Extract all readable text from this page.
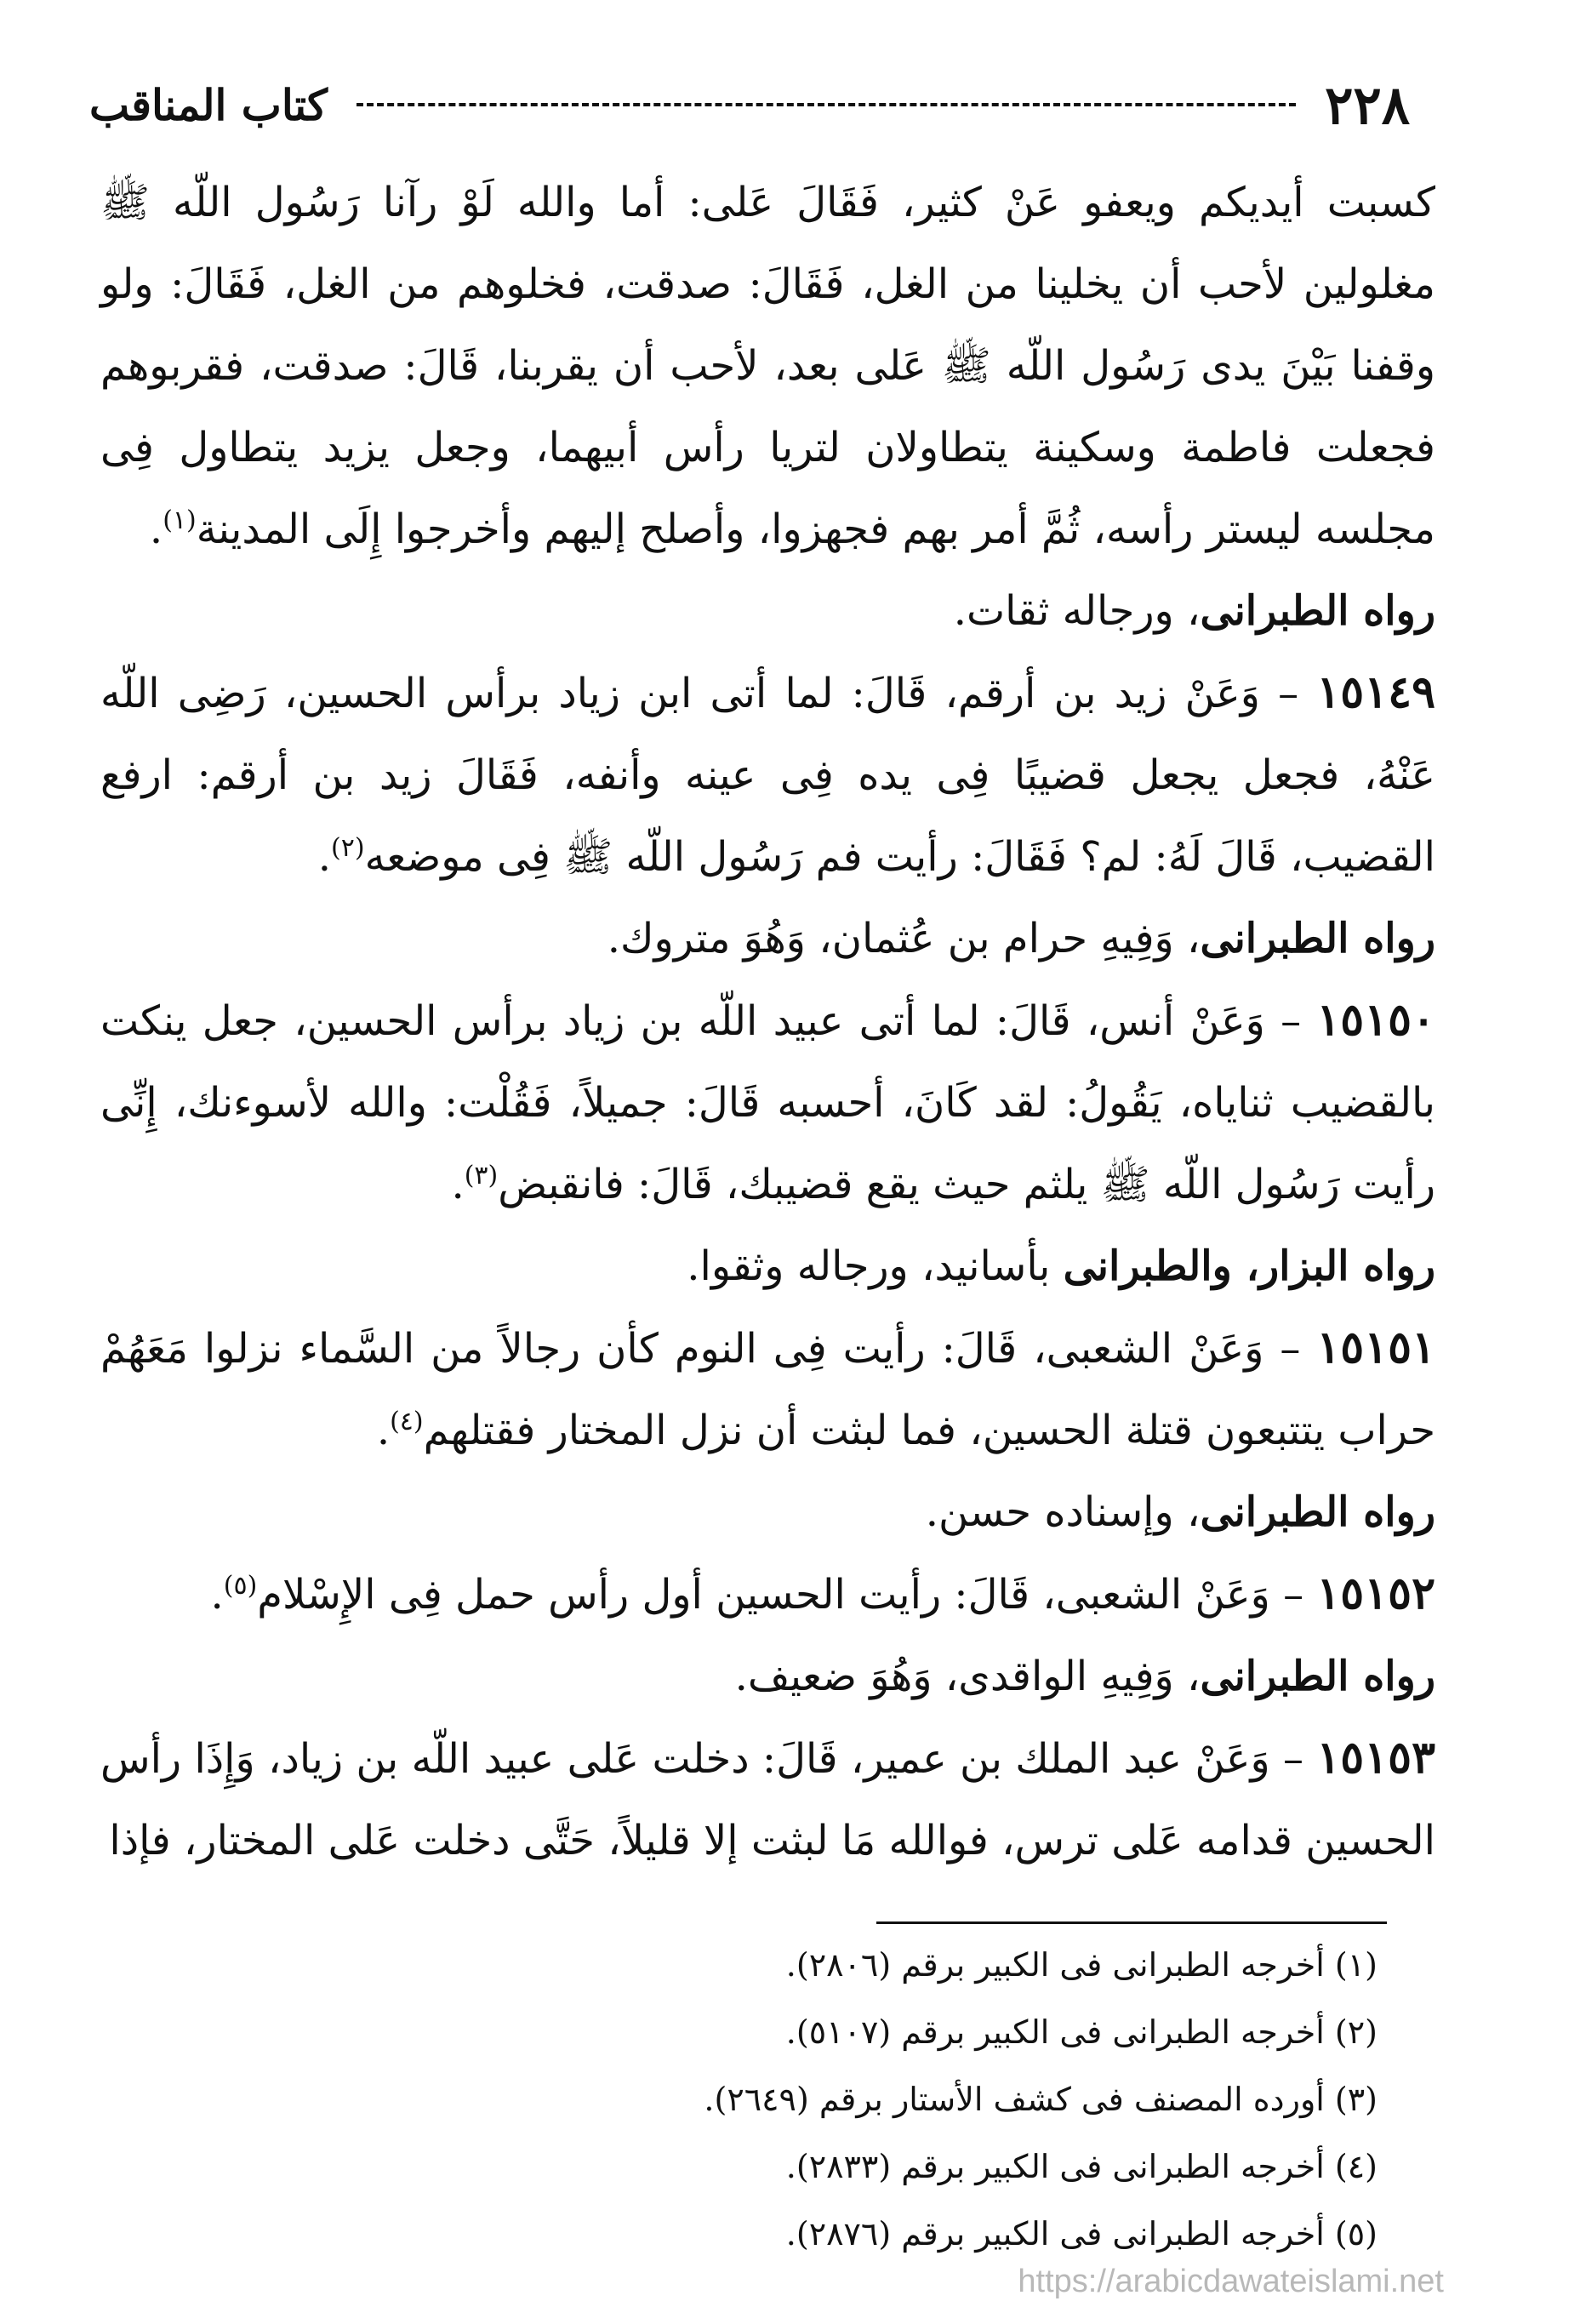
٢٢٨
كتاب المناقب

كسبت أيديكم ويعفو عَنْ كثير، فَقَالَ عَلى: أما والله لَوْ رآنا رَسُول اللّه ﷺ مغلولين لأحب أن يخلينا من الغل، فَقَالَ: صدقت، فخلوهم من الغل، فَقَالَ: ولو وقفنا بَيْنَ يدى رَسُول اللّه ﷺ عَلى بعد، لأحب أن يقربنا، قَالَ: صدقت، فقربوهم فجعلت فاطمة وسكينة يتطاولان لتريا رأس أبيهما، وجعل يزيد يتطاول فِى مجلسه ليستر رأسه، ثُمَّ أمر بهم فجهزوا، وأصلح إليهم وأخرجوا إِلَى المدينة$^{(١)}$.

رواه الطبرانى، ورجاله ثقات.

١٥١٤٩ – وَعَنْ زيد بن أرقم، قَالَ: لما أتى ابن زياد برأس الحسين، رَضِى اللّه عَنْهُ، فجعل يجعل قضيبًا فِى يده فِى عينه وأنفه، فَقَالَ زيد بن أرقم: ارفع القضيب، قَالَ لَهُ: لم؟ فَقَالَ: رأيت فم رَسُول اللّه ﷺ فِى موضعه$^{(٢)}$.

رواه الطبرانى، وَفِيهِ حرام بن عُثمان، وَهُوَ متروك.

١٥١٥٠ – وَعَنْ أنس، قَالَ: لما أتى عبيد اللّه بن زياد برأس الحسين، جعل ينكت بالقضيب ثناياه، يَقُولُ: لقد كَانَ، أحسبه قَالَ: جميلاً، فَقُلْت: والله لأسوءنك، إِنِّى رأيت رَسُول اللّه ﷺ يلثم حيث يقع قضيبك، قَالَ: فانقبض$^{(٣)}$.

رواه البزار، والطبرانى بأسانيد، ورجاله وثقوا.

١٥١٥١ – وَعَنْ الشعبى، قَالَ: رأيت فِى النوم كأن رجالاً من السَّماء نزلوا مَعَهُمْ حراب يتتبعون قتلة الحسين، فما لبثت أن نزل المختار فقتلهم$^{(٤)}$.

رواه الطبرانى، وإسناده حسن.

١٥١٥٢ – وَعَنْ الشعبى، قَالَ: رأيت الحسين أول رأس حمل فِى الإِسْلام$^{(٥)}$.

رواه الطبرانى، وَفِيهِ الواقدى، وَهُوَ ضعيف.

١٥١٥٣ – وَعَنْ عبد الملك بن عمير، قَالَ: دخلت عَلى عبيد اللّه بن زياد، وَإِذَا رأس الحسين قدامه عَلى ترس، فوالله مَا لبثت إلا قليلاً، حَتَّى دخلت عَلى المختار، فإذا

(١) أخرجه الطبرانى فى الكبير برقم (٢٨٠٦).
(٢) أخرجه الطبرانى فى الكبير برقم (٥١٠٧).
(٣) أورده المصنف فى كشف الأستار برقم (٢٦٤٩).
(٤) أخرجه الطبرانى فى الكبير برقم (٢٨٣٣).
(٥) أخرجه الطبرانى فى الكبير برقم (٢٨٧٦).
https://arabicdawateislami.net
